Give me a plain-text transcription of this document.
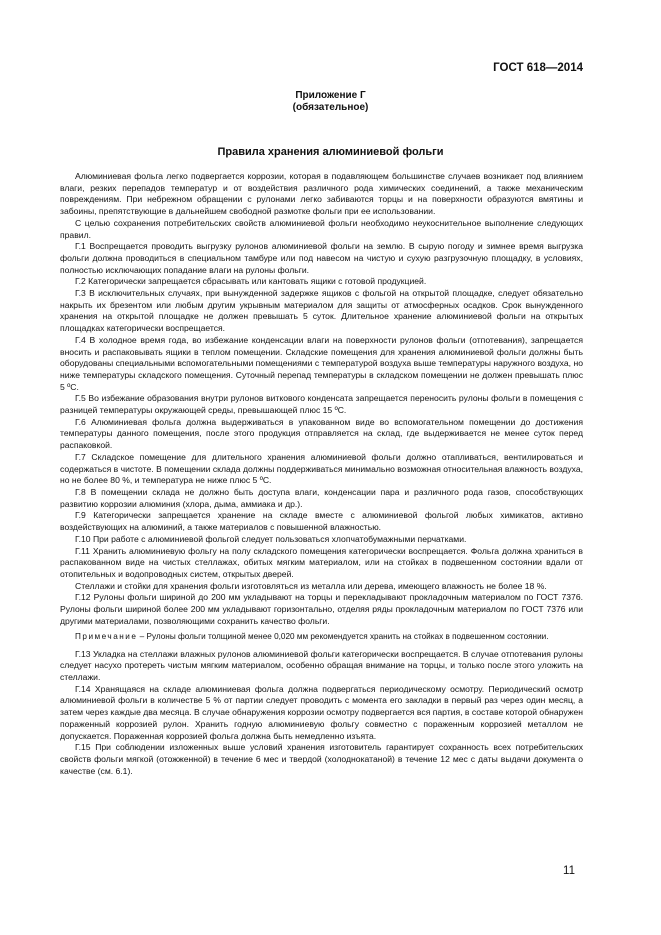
ГОСТ 618—2014
Приложение Г
(обязательное)
Правила хранения алюминиевой фольги

Алюминиевая фольга легко подвергается коррозии, которая в подавляющем большинстве случаев возникает под влиянием влаги, резких перепадов температур и от воздействия различного рода химических соединений, а также механическим повреждениям. При небрежном обращении с рулонами легко забиваются торцы и на поверхности образуются вмятины и забоины, препятствующие в дальнейшем свободной размотке фольги при ее использовании.

С целью сохранения потребительских свойств алюминиевой фольги необходимо неукоснительное выполнение следующих правил.

Г.1 Воспрещается проводить выгрузку рулонов алюминиевой фольги на землю. В сырую погоду и зимнее время выгрузка фольги должна проводиться в специальном тамбуре или под навесом на чистую и сухую разгрузочную площадку, в условиях, полностью исключающих попадание влаги на рулоны фольги.

Г.2 Категорически запрещается сбрасывать или кантовать ящики с готовой продукцией.

Г.3 В исключительных случаях, при вынужденной задержке ящиков с фольгой на открытой площадке, следует обязательно накрыть их брезентом или любым другим укрывным материалом для защиты от атмосферных осадков. Срок вынужденного хранения на открытой площадке не должен превышать 5 суток. Длительное хранение алюминиевой фольги на открытых площадках категорически воспрещается.

Г.4 В холодное время года, во избежание конденсации влаги на поверхности рулонов фольги (отпотевания), запрещается вносить и распаковывать ящики в теплом помещении. Складские помещения для хранения алюминиевой фольги должны быть оборудованы специальными вспомогательными помещениями с температурой воздуха выше температуры наружного воздуха, но ниже температуры складского помещения. Суточный перепад температуры в складском помещении не должен превышать плюс 5 ºС.

Г.5 Во избежание образования внутри рулонов виткового конденсата запрещается переносить рулоны фольги в помещения с разницей температуры окружающей среды, превышающей плюс 15 ºС.

Г.6 Алюминиевая фольга должна выдерживаться в упакованном виде во вспомогательном помещении до достижения температуры данного помещения, после этого продукция отправляется на склад, где выдерживается не менее суток перед распаковкой.

Г.7 Складское помещение для длительного хранения алюминиевой фольги должно отапливаться, вентилироваться и содержаться в чистоте. В помещении склада должны поддерживаться минимально возможная относительная влажность воздуха, но не более 80 %, и температура не ниже плюс 5 ºС.

Г.8 В помещении склада не должно быть доступа влаги, конденсации пара и различного рода газов, способствующих развитию коррозии алюминия (хлора, дыма, аммиака и др.).

Г.9 Категорически запрещается хранение на складе вместе с алюминиевой фольгой любых химикатов, активно воздействующих на алюминий, а также материалов с повышенной влажностью.

Г.10 При работе с алюминиевой фольгой следует пользоваться хлопчатобумажными перчатками.

Г.11 Хранить алюминиевую фольгу на полу складского помещения категорически воспрещается. Фольга должна храниться в распакованном виде на чистых стеллажах, обитых мягким материалом, или на стойках в подвешенном состоянии вдали от отопительных и водопроводных систем, открытых дверей.

Стеллажи и стойки для хранения фольги изготовляться из металла или дерева, имеющего влажность не более 18 %.

Г.12 Рулоны фольги шириной до 200 мм укладывают на торцы и перекладывают прокладочным материалом по ГОСТ 7376. Рулоны фольги шириной более 200 мм укладывают горизонтально, отделяя ряды прокладочным материалом по ГОСТ 7376 или другими материалами, позволяющими сохранить качество фольги.

Примечание – Рулоны фольги толщиной менее 0,020 мм рекомендуется хранить на стойках в подвешенном состоянии.

Г.13 Укладка на стеллажи влажных рулонов алюминиевой фольги категорически воспрещается. В случае отпотевания рулоны следует насухо протереть чистым мягким материалом, особенно обращая внимание на торцы, и только после этого уложить на стеллажи.

Г.14 Хранящаяся на складе алюминиевая фольга должна подвергаться периодическому осмотру. Периодический осмотр алюминиевой фольги в количестве 5 % от партии следует проводить с момента его закладки в первый раз через один месяц, а затем через каждые два месяца. В случае обнаружения коррозии осмотру подвергается вся партия, в составе которой обнаружен пораженный коррозией рулон. Хранить годную алюминиевую фольгу совместно с пораженным коррозией металлом не допускается. Пораженная коррозией фольга должна быть немедленно изъята.

Г.15 При соблюдении изложенных выше условий хранения изготовитель гарантирует сохранность всех потребительских свойств фольги мягкой (отожженной) в течение 6 мес и твердой (холоднокатаной) в течение 12 мес с даты выдачи документа о качестве (см. 6.1).

11
